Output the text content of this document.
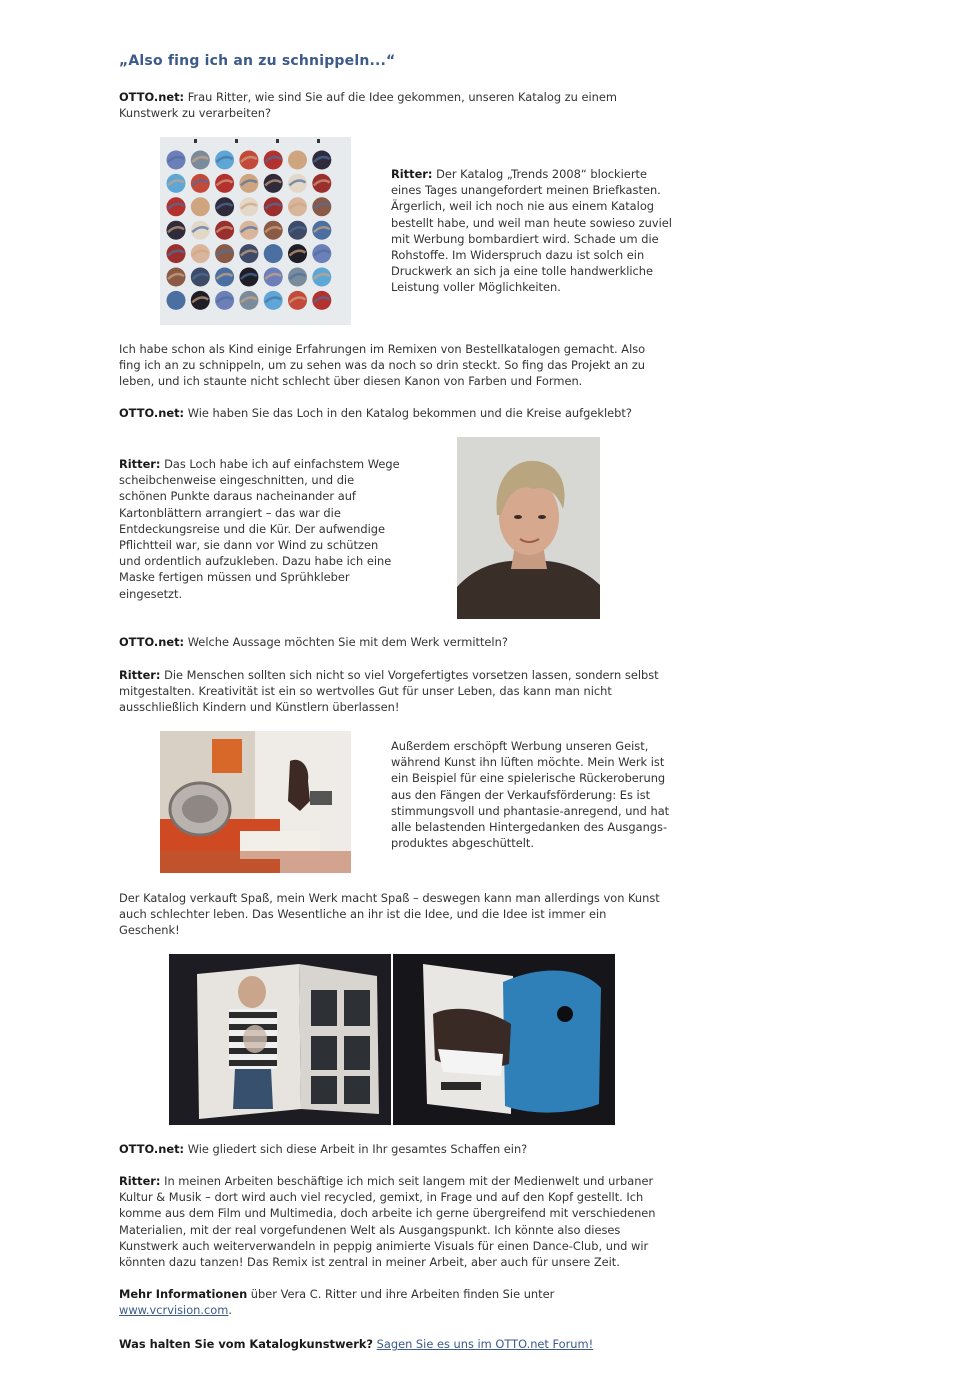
„Also fing ich an zu schnippeln...“

OTTO.net: Frau Ritter, wie sind Sie auf die Idee gekommen, unseren Katalog zu einem Kunstwerk zu verarbeiten?

Ritter: Der Katalog „Trends 2008“ blockierte eines Tages unangefordert meinen Briefkasten. Ärgerlich, weil ich noch nie aus einem Katalog bestellt habe, und weil man heute sowieso zuviel mit Werbung bombardiert wird. Schade um die Rohstoffe. Im Widerspruch dazu ist solch ein Druckwerk an sich ja eine tolle handwerkliche Leistung voller Möglichkeiten.

Ich habe schon als Kind einige Erfahrungen im Remixen von Bestellkatalogen gemacht. Also fing ich an zu schnippeln, um zu sehen was da noch so drin steckt. So fing das Projekt an zu leben, und ich staunte nicht schlecht über diesen Kanon von Farben und Formen.

OTTO.net: Wie haben Sie das Loch in den Katalog bekommen und die Kreise aufgeklebt?

Ritter: Das Loch habe ich auf einfachstem Wege scheibchenweise eingeschnitten, und die schönen Punkte daraus nacheinander auf Kartonblättern arrangiert – das war die Entdeckungsreise und die Kür. Der aufwendige Pflichtteil war, sie dann vor Wind zu schützen und ordentlich aufzukleben. Dazu habe ich eine Maske fertigen müssen und Sprühkleber eingesetzt.

OTTO.net: Welche Aussage möchten Sie mit dem Werk vermitteln?

Ritter: Die Menschen sollten sich nicht so viel Vorgefertigtes vorsetzen lassen, sondern selbst mitgestalten. Kreativität ist ein so wertvolles Gut für unser Leben, das kann man nicht ausschließlich Kindern und Künstlern überlassen!

Außerdem erschöpft Werbung unseren Geist, während Kunst ihn lüften möchte. Mein Werk ist ein Beispiel für eine spielerische Rückeroberung aus den Fängen der Verkaufsförderung: Es ist stimmungsvoll und phantasie-anregend, und hat alle belastenden Hintergedanken des Ausgangs-produktes abgeschüttelt.

Der Katalog verkauft Spaß, mein Werk macht Spaß – deswegen kann man allerdings von Kunst auch schlechter leben. Das Wesentliche an ihr ist die Idee, und die Idee ist immer ein Geschenk!

OTTO.net: Wie gliedert sich diese Arbeit in Ihr gesamtes Schaffen ein?

Ritter: In meinen Arbeiten beschäftige ich mich seit langem mit der Medienwelt und urbaner Kultur & Musik – dort wird auch viel recycled, gemixt, in Frage und auf den Kopf gestellt. Ich komme aus dem Film und Multimedia, doch arbeite ich gerne übergreifend mit verschiedenen Materialien, mit der real vorgefundenen Welt als Ausgangspunkt. Ich könnte also dieses Kunstwerk auch weiterverwandeln in peppig animierte Visuals für einen Dance-Club, und wir könnten dazu tanzen! Das Remix ist zentral in meiner Arbeit, aber auch für unsere Zeit.

Mehr Informationen über Vera C. Ritter und ihre Arbeiten finden Sie unter www.vcrvision.com.

Was halten Sie vom Katalogkunstwerk? Sagen Sie es uns im OTTO.net Forum!
